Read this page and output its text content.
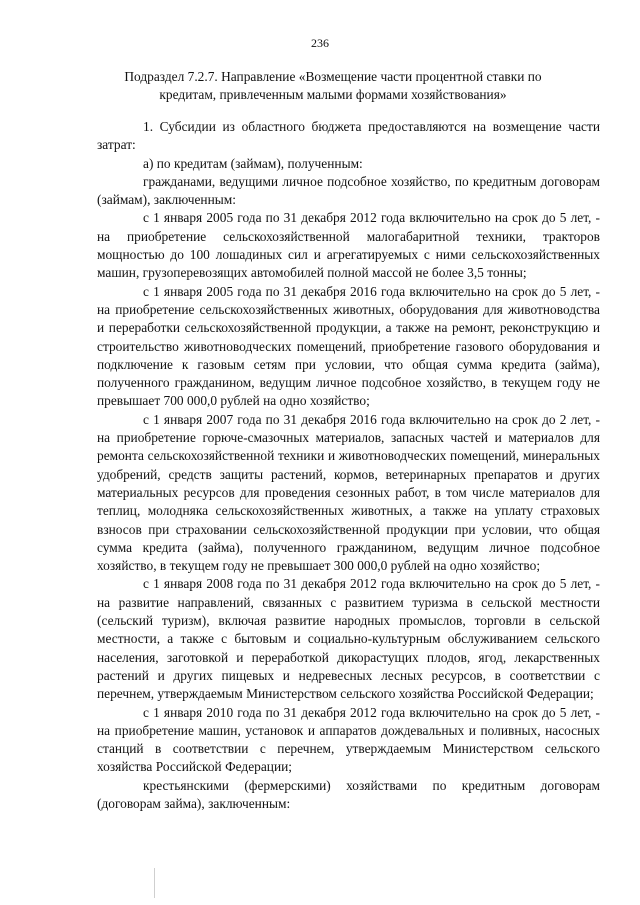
236
Подраздел 7.2.7. Направление «Возмещение части процентной ставки по
кредитам, привлеченным малыми формами хозяйствования»

1. Субсидии из областного бюджета предоставляются на возмещение части затрат:

а) по кредитам (займам), полученным:

гражданами, ведущими личное подсобное хозяйство, по кредитным договорам (займам), заключенным:

с 1 января 2005 года по 31 декабря 2012 года включительно на срок до 5 лет, - на приобретение сельскохозяйственной малогабаритной техники, тракторов мощностью до 100 лошадиных сил и агрегатируемых с ними сельскохозяйственных машин, грузоперевозящих автомобилей полной массой не более 3,5 тонны;

с 1 января 2005 года по 31 декабря 2016 года включительно на срок до 5 лет, - на приобретение сельскохозяйственных животных, оборудования для животноводства и переработки сельскохозяйственной продукции, а также на ремонт, реконструкцию и строительство животноводческих помещений, приобретение газового оборудования и подключение к газовым сетям при условии, что общая сумма кредита (займа), полученного гражданином, ведущим личное подсобное хозяйство, в текущем году не превышает 700 000,0 рублей на одно хозяйство;

с 1 января 2007 года по 31 декабря 2016 года включительно на срок до 2 лет, - на приобретение горюче-смазочных материалов, запасных частей и материалов для ремонта сельскохозяйственной техники и животноводческих помещений, минеральных удобрений, средств защиты растений, кормов, ветеринарных препаратов и других материальных ресурсов для проведения сезонных работ, в том числе материалов для теплиц, молодняка сельскохозяйственных животных, а также на уплату страховых взносов при страховании сельскохозяйственной продукции при условии, что общая сумма кредита (займа), полученного гражданином, ведущим личное подсобное хозяйство, в текущем году не превышает 300 000,0 рублей на одно хозяйство;

с 1 января 2008 года по 31 декабря 2012 года включительно на срок до 5 лет, - на развитие направлений, связанных с развитием туризма в сельской местности (сельский туризм), включая развитие народных промыслов, торговли в сельской местности, а также с бытовым и социально-культурным обслуживанием сельского населения, заготовкой и переработкой дикорастущих плодов, ягод, лекарственных растений и других пищевых и недревесных лесных ресурсов, в соответствии с перечнем, утверждаемым Министерством сельского хозяйства Российской Федерации;

с 1 января 2010 года по 31 декабря 2012 года включительно на срок до 5 лет, - на приобретение машин, установок и аппаратов дождевальных и поливных, насосных станций в соответствии с перечнем, утверждаемым Министерством сельского хозяйства Российской Федерации;

крестьянскими (фермерскими) хозяйствами по кредитным договорам (договорам займа), заключенным:
